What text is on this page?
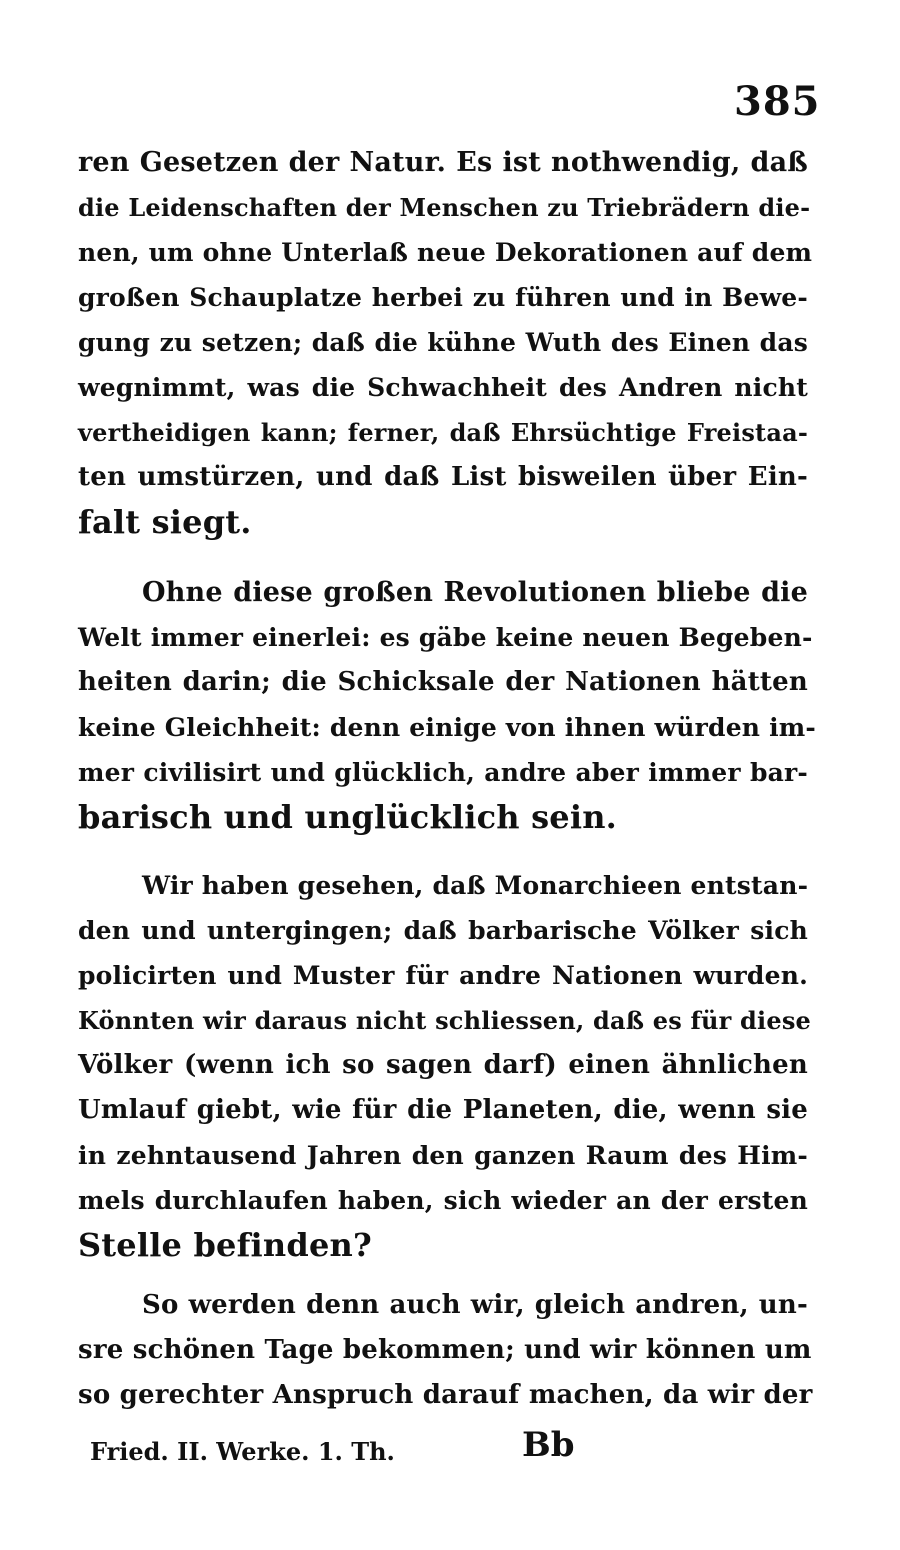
385
ren Gesetzen der Natur. Es ist nothwendig, daß
die Leidenschaften der Menschen zu Triebrädern die-
nen, um ohne Unterlaß neue Dekorationen auf dem
großen Schauplatze herbei zu führen und in Bewe-
gung zu setzen; daß die kühne Wuth des Einen das
wegnimmt, was die Schwachheit des Andren nicht
vertheidigen kann; ferner, daß Ehrsüchtige Freistaa-
ten umstürzen, und daß List bisweilen über Ein-
falt siegt.
Ohne diese großen Revolutionen bliebe die
Welt immer einerlei: es gäbe keine neuen Begeben-
heiten darin; die Schicksale der Nationen hätten
keine Gleichheit: denn einige von ihnen würden im-
mer civilisirt und glücklich, andre aber immer bar-
barisch und unglücklich sein.
Wir haben gesehen, daß Monarchieen entstan-
den und untergingen; daß barbarische Völker sich
policirten und Muster für andre Nationen wurden.
Könnten wir daraus nicht schliessen, daß es für diese
Völker (wenn ich so sagen darf) einen ähnlichen
Umlauf giebt, wie für die Planeten, die, wenn sie
in zehntausend Jahren den ganzen Raum des Him-
mels durchlaufen haben, sich wieder an der ersten
Stelle befinden?
So werden denn auch wir, gleich andren, un-
sre schönen Tage bekommen; und wir können um
so gerechter Anspruch darauf machen, da wir der
Fried. II. Werke. 1. Th.	Bb
